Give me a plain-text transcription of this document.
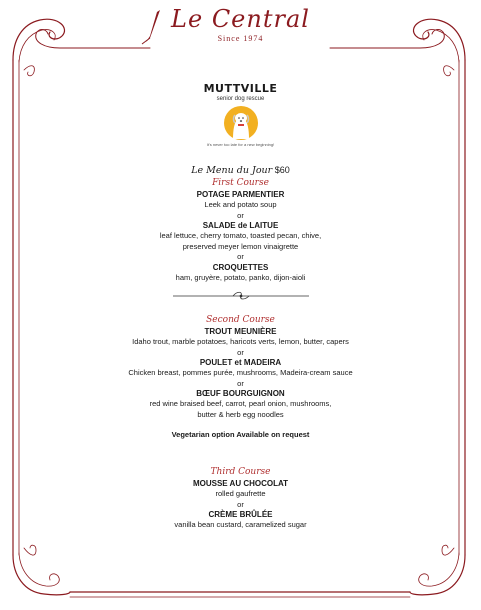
Le Central
Since 1974
MUTTVILLE
senior dog rescue
It's never too late for a new beginning!
Le Menu du Jour $60
First Course
POTAGE PARMENTIER
Leek and potato soup
or
SALADE de LAITUE
leaf lettuce, cherry tomato, toasted pecan, chive,
preserved meyer lemon vinaigrette
or
CROQUETTES
ham, gruyère, potato, panko, dijon-aioli
Second Course
TROUT MEUNIÈRE
Idaho trout, marble potatoes, haricots verts, lemon, butter, capers
or
POULET et MADEIRA
Chicken breast, pommes purée, mushrooms, Madeira-cream sauce
or
BŒUF BOURGUIGNON
red wine braised beef, carrot, pearl onion, mushrooms,
butter & herb egg noodles
Vegetarian option Available on request
Third Course
MOUSSE AU CHOCOLAT
rolled gaufrette
or
CRÈME BRÛLÉE
vanilla bean custard, caramelized sugar
